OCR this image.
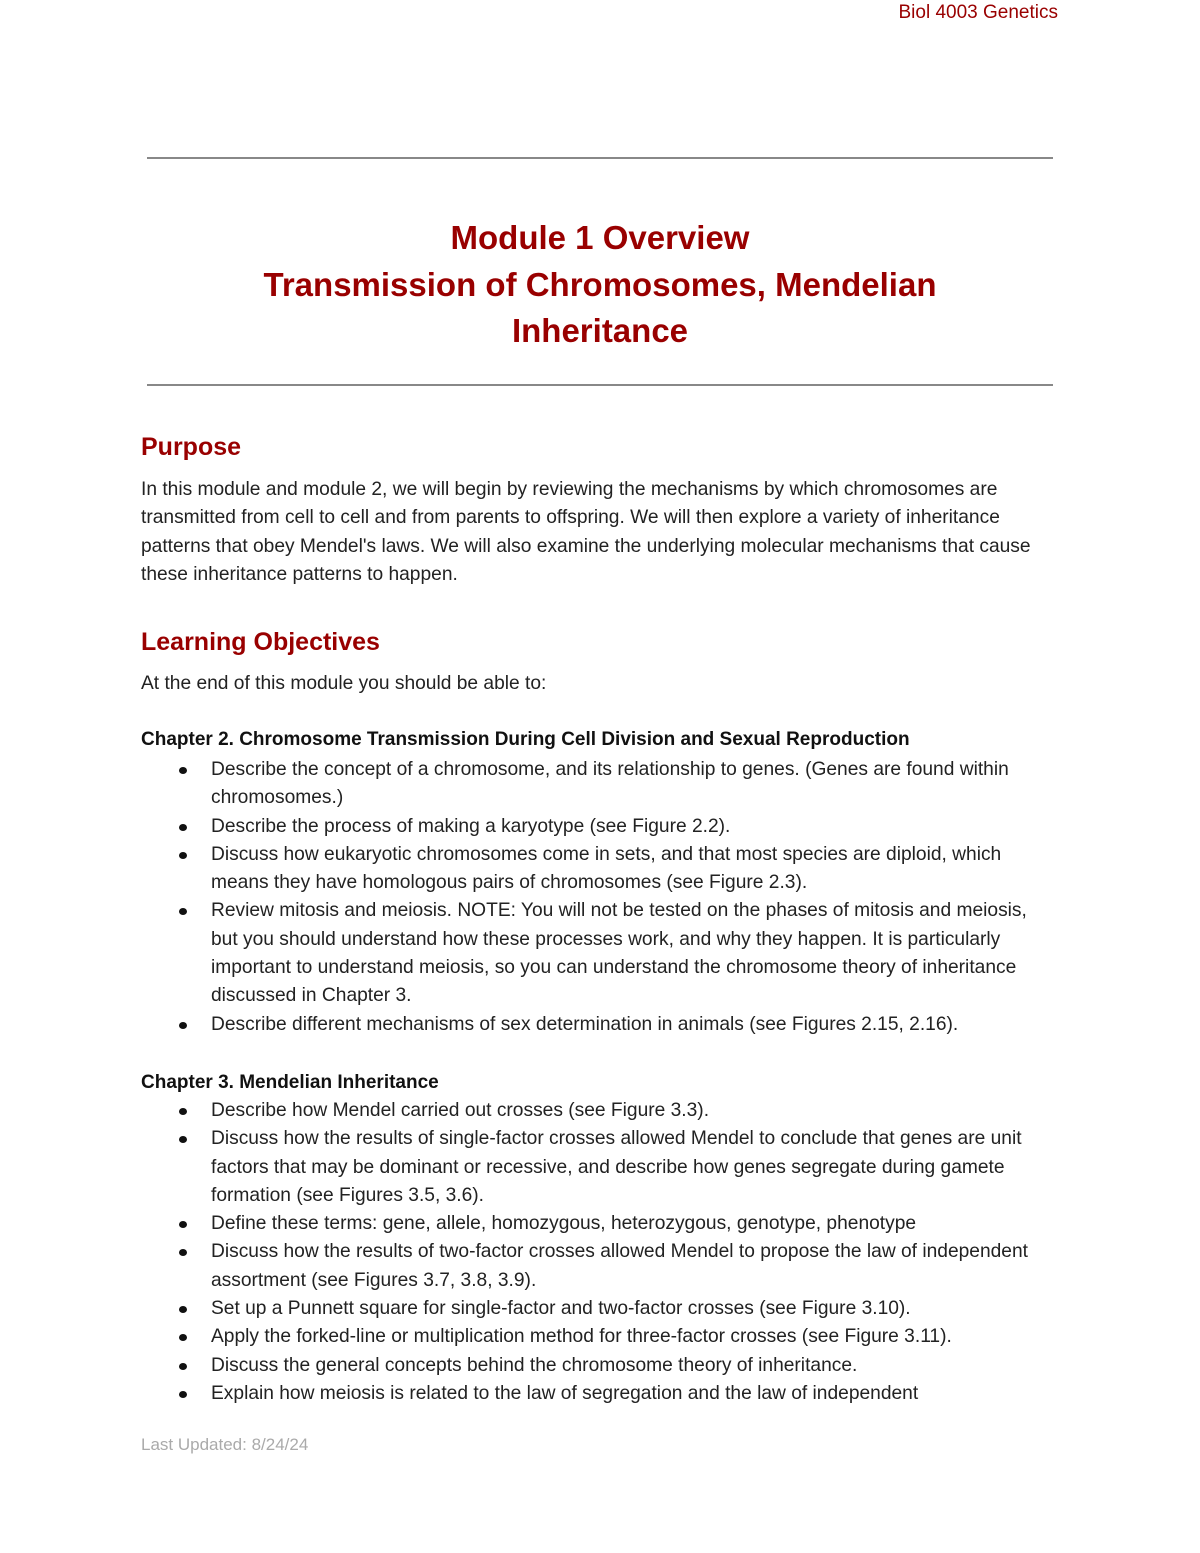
Biol 4003 Genetics
Module 1 Overview
Transmission of Chromosomes, Mendelian
Inheritance
Purpose

In this module and module 2, we will begin by reviewing the mechanisms by which chromosomes are transmitted from cell to cell and from parents to offspring. We will then explore a variety of inheritance patterns that obey Mendel's laws. We will also examine the underlying molecular mechanisms that cause these inheritance patterns to happen.

Learning Objectives

At the end of this module you should be able to:

Chapter 2. Chromosome Transmission During Cell Division and Sexual Reproduction
Describe the concept of a chromosome, and its relationship to genes. (Genes are found within chromosomes.)
Describe the process of making a karyotype (see Figure 2.2).
Discuss how eukaryotic chromosomes come in sets, and that most species are diploid, which means they have homologous pairs of chromosomes (see Figure 2.3).
Review mitosis and meiosis. NOTE: You will not be tested on the phases of mitosis and meiosis, but you should understand how these processes work, and why they happen. It is particularly important to understand meiosis, so you can understand the chromosome theory of inheritance discussed in Chapter 3.
Describe different mechanisms of sex determination in animals (see Figures 2.15, 2.16).
Chapter 3. Mendelian Inheritance
Describe how Mendel carried out crosses (see Figure 3.3).
Discuss how the results of single-factor crosses allowed Mendel to conclude that genes are unit factors that may be dominant or recessive, and describe how genes segregate during gamete formation (see Figures 3.5, 3.6).
Define these terms: gene, allele, homozygous, heterozygous, genotype, phenotype
Discuss how the results of two-factor crosses allowed Mendel to propose the law of independent assortment (see Figures 3.7, 3.8, 3.9).
Set up a Punnett square for single-factor and two-factor crosses (see Figure 3.10).
Apply the forked-line or multiplication method for three-factor crosses (see Figure 3.11).
Discuss the general concepts behind the chromosome theory of inheritance.
Explain how meiosis is related to the law of segregation and the law of independent
Last Updated: 8/24/24
